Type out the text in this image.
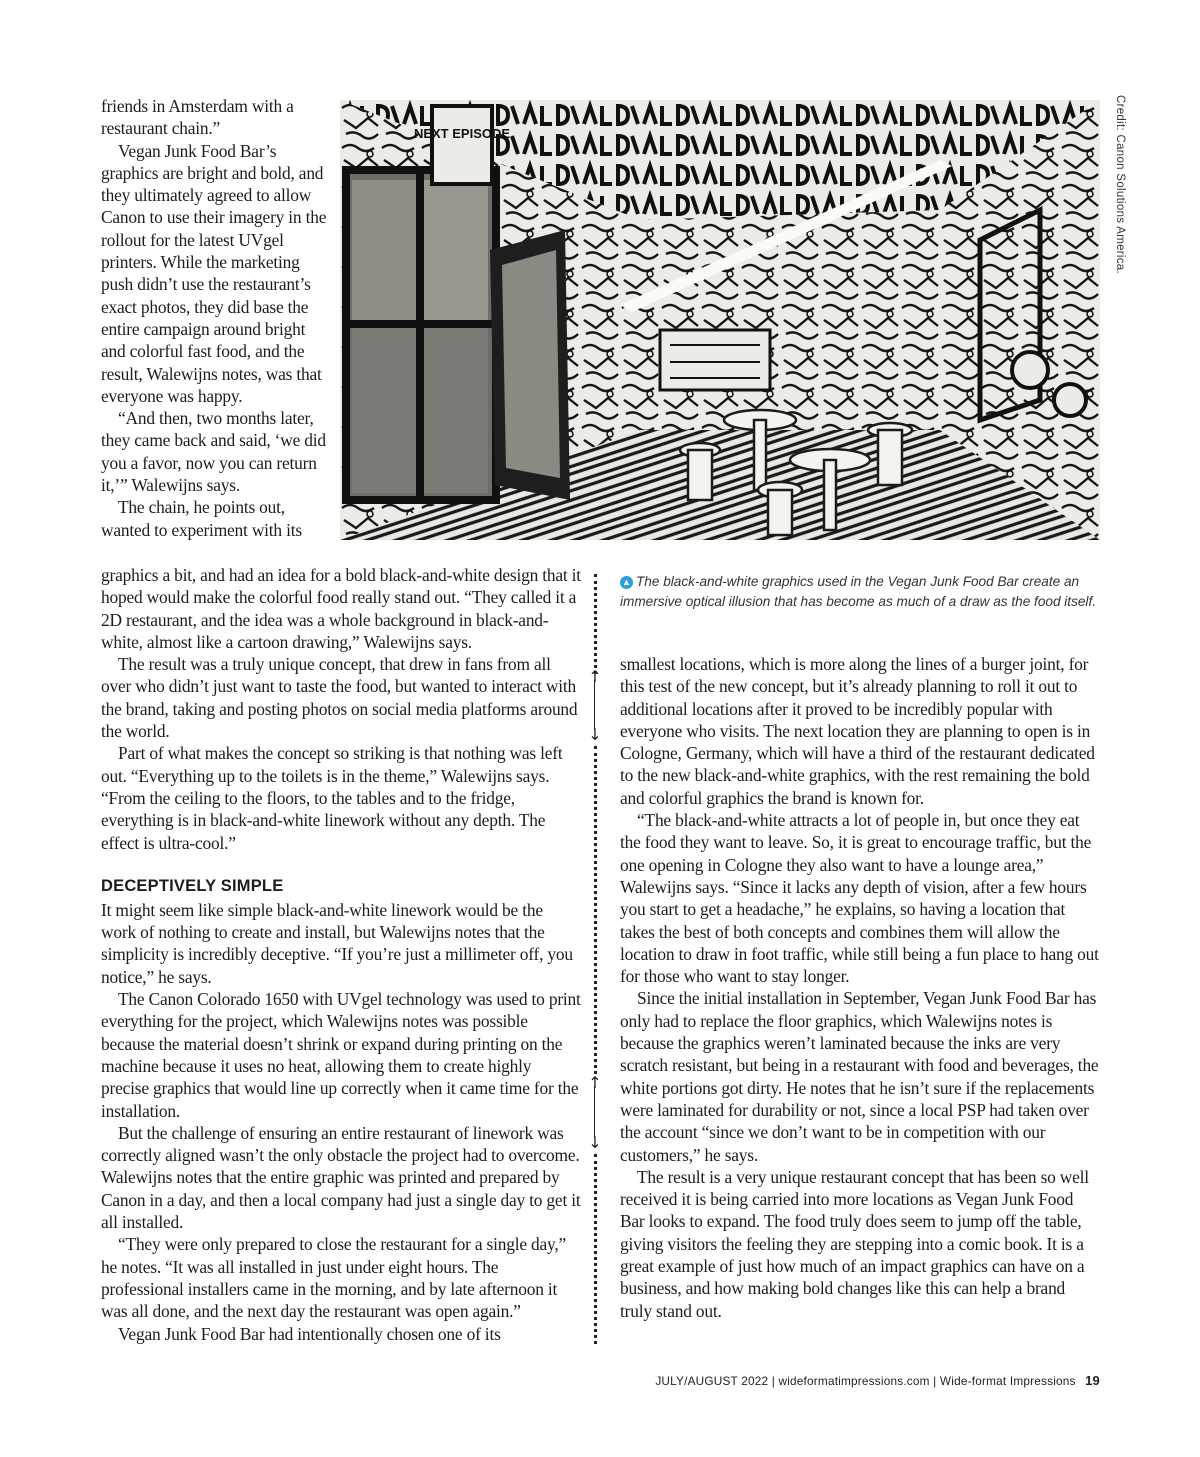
NEXT EPISODE	Credit: Canon Solutions America.
▲ The black-and-white graphics used in the Vegan Junk Food Bar create an immersive optical illusion that has become as much of a draw as the food itself.

friends in Amsterdam with a restaurant chain.”

Vegan Junk Food Bar’s graphics are bright and bold, and they ultimately agreed to allow Canon to use their imagery in the rollout for the latest UVgel printers. While the marketing push didn’t use the restaurant’s exact photos, they did base the entire campaign around bright and colorful fast food, and the result, Walewijns notes, was that everyone was happy.

“And then, two months later, they came back and said, ‘we did you a favor, now you can return it,’” Walewijns says.

The chain, he points out, wanted to experiment with its

graphics a bit, and had an idea for a bold black-and-white design that it hoped would make the colorful food really stand out. “They called it a 2D restaurant, and the idea was a whole background in black-and-white, almost like a cartoon drawing,” Walewijns says.

The result was a truly unique concept, that drew in fans from all over who didn’t just want to taste the food, but wanted to interact with the brand, taking and posting photos on social media platforms around the world.

Part of what makes the concept so striking is that nothing was left out. “Everything up to the toilets is in the theme,” Walewijns says. “From the ceiling to the floors, to the tables and to the fridge, everything is in black-and-white linework without any depth. The effect is ultra-cool.”

DECEPTIVELY SIMPLE

It might seem like simple black-and-white linework would be the work of nothing to create and install, but Walewijns notes that the simplicity is incredibly deceptive. “If you’re just a millimeter off, you notice,” he says.

The Canon Colorado 1650 with UVgel technology was used to print everything for the project, which Walewijns notes was possible because the material doesn’t shrink or expand during printing on the machine because it uses no heat, allowing them to create highly precise graphics that would line up correctly when it came time for the installation.

But the challenge of ensuring an entire restaurant of linework was correctly aligned wasn’t the only obstacle the project had to overcome. Walewijns notes that the entire graphic was printed and prepared by Canon in a day, and then a local company had just a single day to get it all installed.

“They were only prepared to close the restaurant for a single day,” he notes. “It was all installed in just under eight hours. The professional installers came in the morning, and by late afternoon it was all done, and the next day the restaurant was open again.”

Vegan Junk Food Bar had intentionally chosen one of its

smallest locations, which is more along the lines of a burger joint, for this test of the new concept, but it’s already planning to roll it out to additional locations after it proved to be incredibly popular with everyone who visits. The next location they are planning to open is in Cologne, Germany, which will have a third of the restaurant dedicated to the new black-and-white graphics, with the rest remaining the bold and colorful graphics the brand is known for.

“The black-and-white attracts a lot of people in, but once they eat the food they want to leave. So, it is great to encourage traffic, but the one opening in Cologne they also want to have a lounge area,” Walewijns says. “Since it lacks any depth of vision, after a few hours you start to get a headache,” he explains, so having a location that takes the best of both concepts and combines them will allow the location to draw in foot traffic, while still being a fun place to hang out for those who want to stay longer.

Since the initial installation in September, Vegan Junk Food Bar has only had to replace the floor graphics, which Walewijns notes is because the graphics weren’t laminated because the inks are very scratch resistant, but being in a restaurant with food and beverages, the white portions got dirty. He notes that he isn’t sure if the replacements were laminated for durability or not, since a local PSP had taken over the account “since we don’t want to be in competition with our customers,” he says.

The result is a very unique restaurant concept that has been so well received it is being carried into more locations as Vegan Junk Food Bar looks to expand. The food truly does seem to jump off the table, giving visitors the feeling they are stepping into a comic book. It is a great example of just how much of an impact graphics can have on a business, and how making bold changes like this can help a brand truly stand out.

↑
↓
↑
↓
JULY/AUGUST 2022 | wideformatimpressions.com | Wide-format Impressions 19
